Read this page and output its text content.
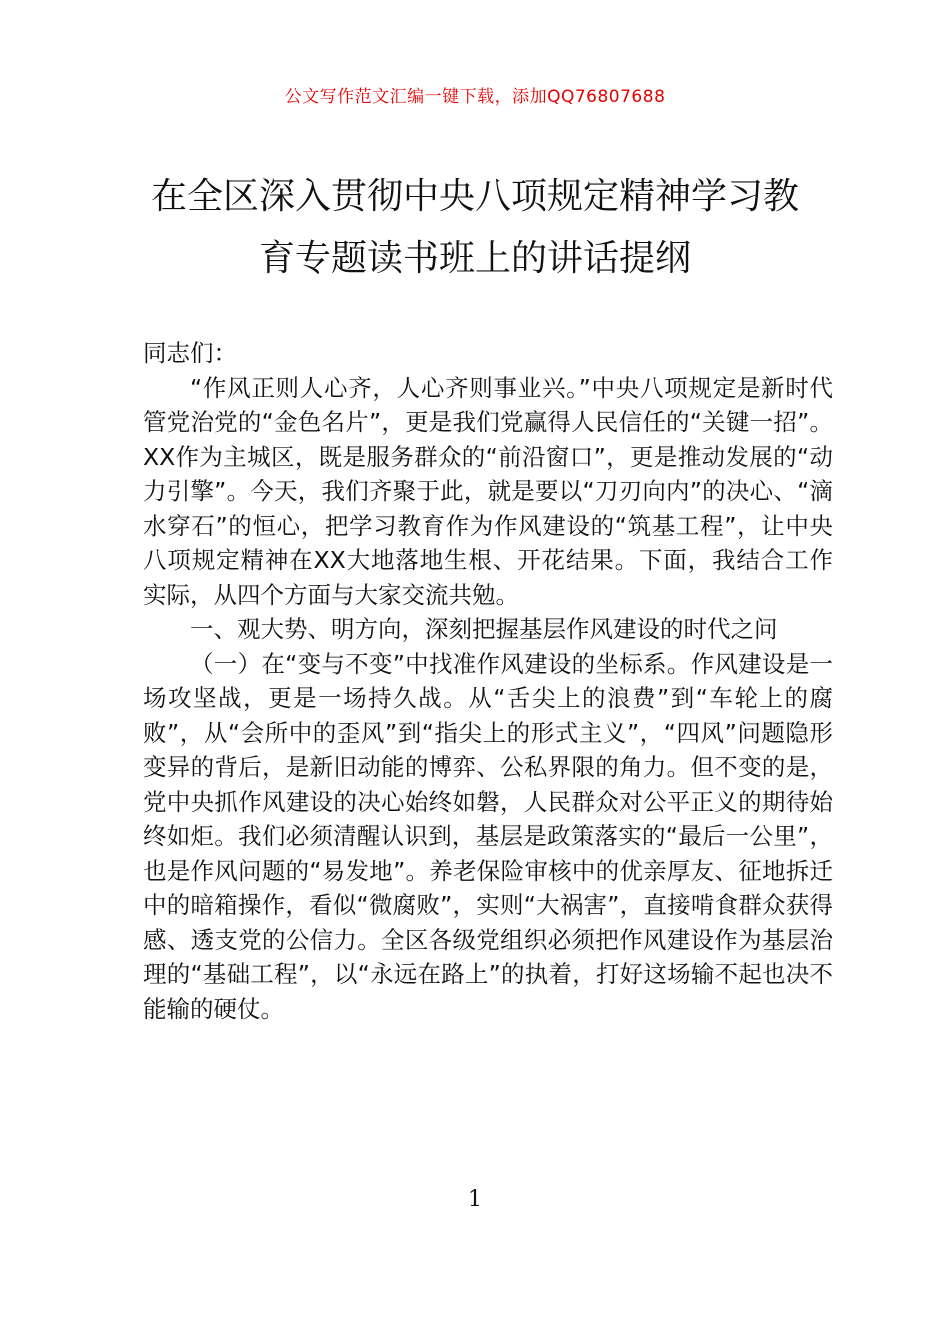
公文写作范文汇编一键下载，添加QQ76807688
在全区深入贯彻中央八项规定精神学习教
育专题读书班上的讲话提纲

同志们：

“作风正则人心齐，人心齐则事业兴。”中央八项规定是新时代管党治党的“金色名片”，更是我们党赢得人民信任的“关键一招”。XX作为主城区，既是服务群众的“前沿窗口”，更是推动发展的“动力引擎”。今天，我们齐聚于此，就是要以“刀刃向内”的决心、“滴水穿石”的恒心，把学习教育作为作风建设的“筑基工程”，让中央八项规定精神在XX大地落地生根、开花结果。下面，我结合工作实际，从四个方面与大家交流共勉。

一、观大势、明方向，深刻把握基层作风建设的时代之问

（一）在“变与不变”中找准作风建设的坐标系。作风建设是一场攻坚战，更是一场持久战。从“舌尖上的浪费”到“车轮上的腐败”，从“会所中的歪风”到“指尖上的形式主义”，“四风”问题隐形变异的背后，是新旧动能的博弈、公私界限的角力。但不变的是，党中央抓作风建设的决心始终如磐，人民群众对公平正义的期待始终如炬。我们必须清醒认识到，基层是政策落实的“最后一公里”，也是作风问题的“易发地”。养老保险审核中的优亲厚友、征地拆迁中的暗箱操作，看似“微腐败”，实则“大祸害”，直接啃食群众获得感、透支党的公信力。全区各级党组织必须把作风建设作为基层治理的“基础工程”，以“永远在路上”的执着，打好这场输不起也决不能输的硬仗。

1
